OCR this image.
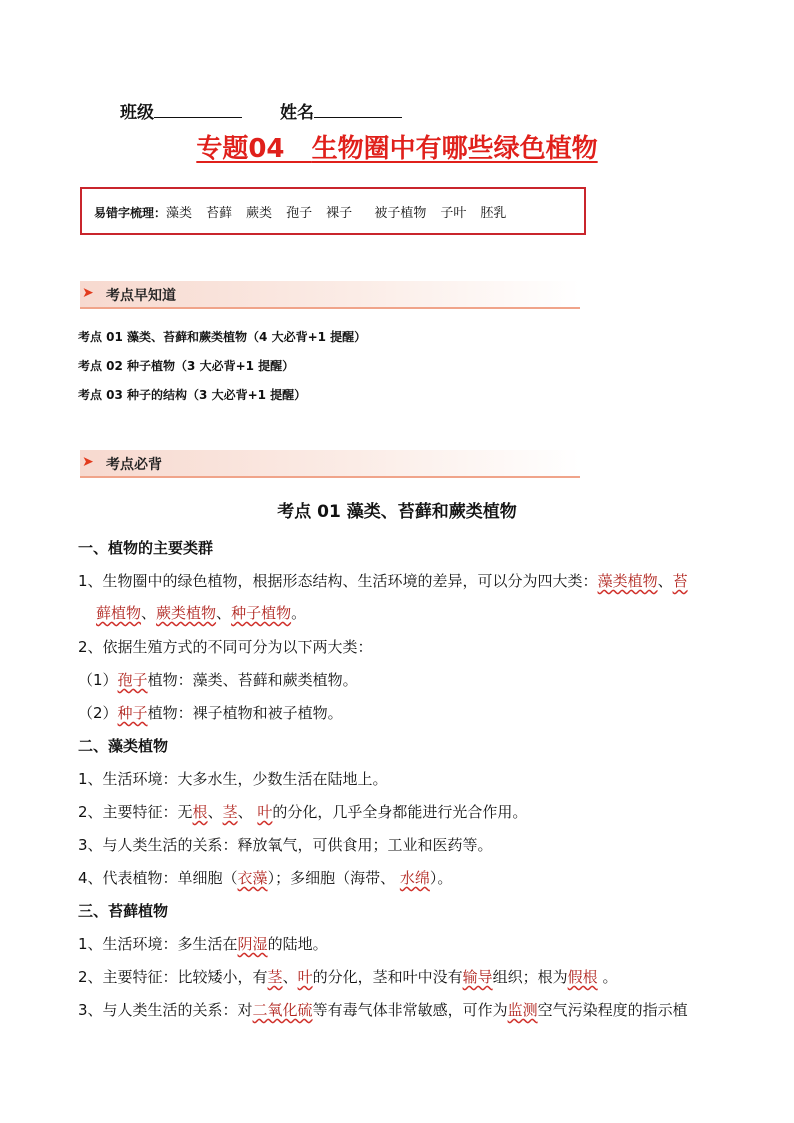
班级	姓名
专题04 生物圈中有哪些绿色植物
易错字梳理：藻类 苔藓 蕨类 孢子 裸子 被子植物 子叶 胚乳
➤ 考点早知道
考点 01 藻类、苔藓和蕨类植物（4 大必背+1 提醒）
考点 02 种子植物（3 大必背+1 提醒）
考点 03 种子的结构（3 大必背+1 提醒）
➤ 考点必背
考点 01 藻类、苔藓和蕨类植物
一、植物的主要类群
1、生物圈中的绿色植物，根据形态结构、生活环境的差异，可以分为四大类：藻类植物、苔
藓植物、蕨类植物、种子植物。
2、依据生殖方式的不同可分为以下两大类：
（1）孢子植物：藻类、苔藓和蕨类植物。
（2）种子植物：裸子植物和被子植物。
二、藻类植物
1、生活环境：大多水生，少数生活在陆地上。
2、主要特征：无根、茎、 叶的分化，几乎全身都能进行光合作用。
3、与人类生活的关系：释放氧气，可供食用；工业和医药等。
4、代表植物：单细胞（衣藻）；多细胞（海带、 水绵）。
三、苔藓植物
1、生活环境：多生活在阴湿的陆地。
2、主要特征：比较矮小，有茎、叶的分化，茎和叶中没有输导组织；根为假根 。
3、与人类生活的关系：对二氧化硫等有毒气体非常敏感，可作为监测空气污染程度的指示植
